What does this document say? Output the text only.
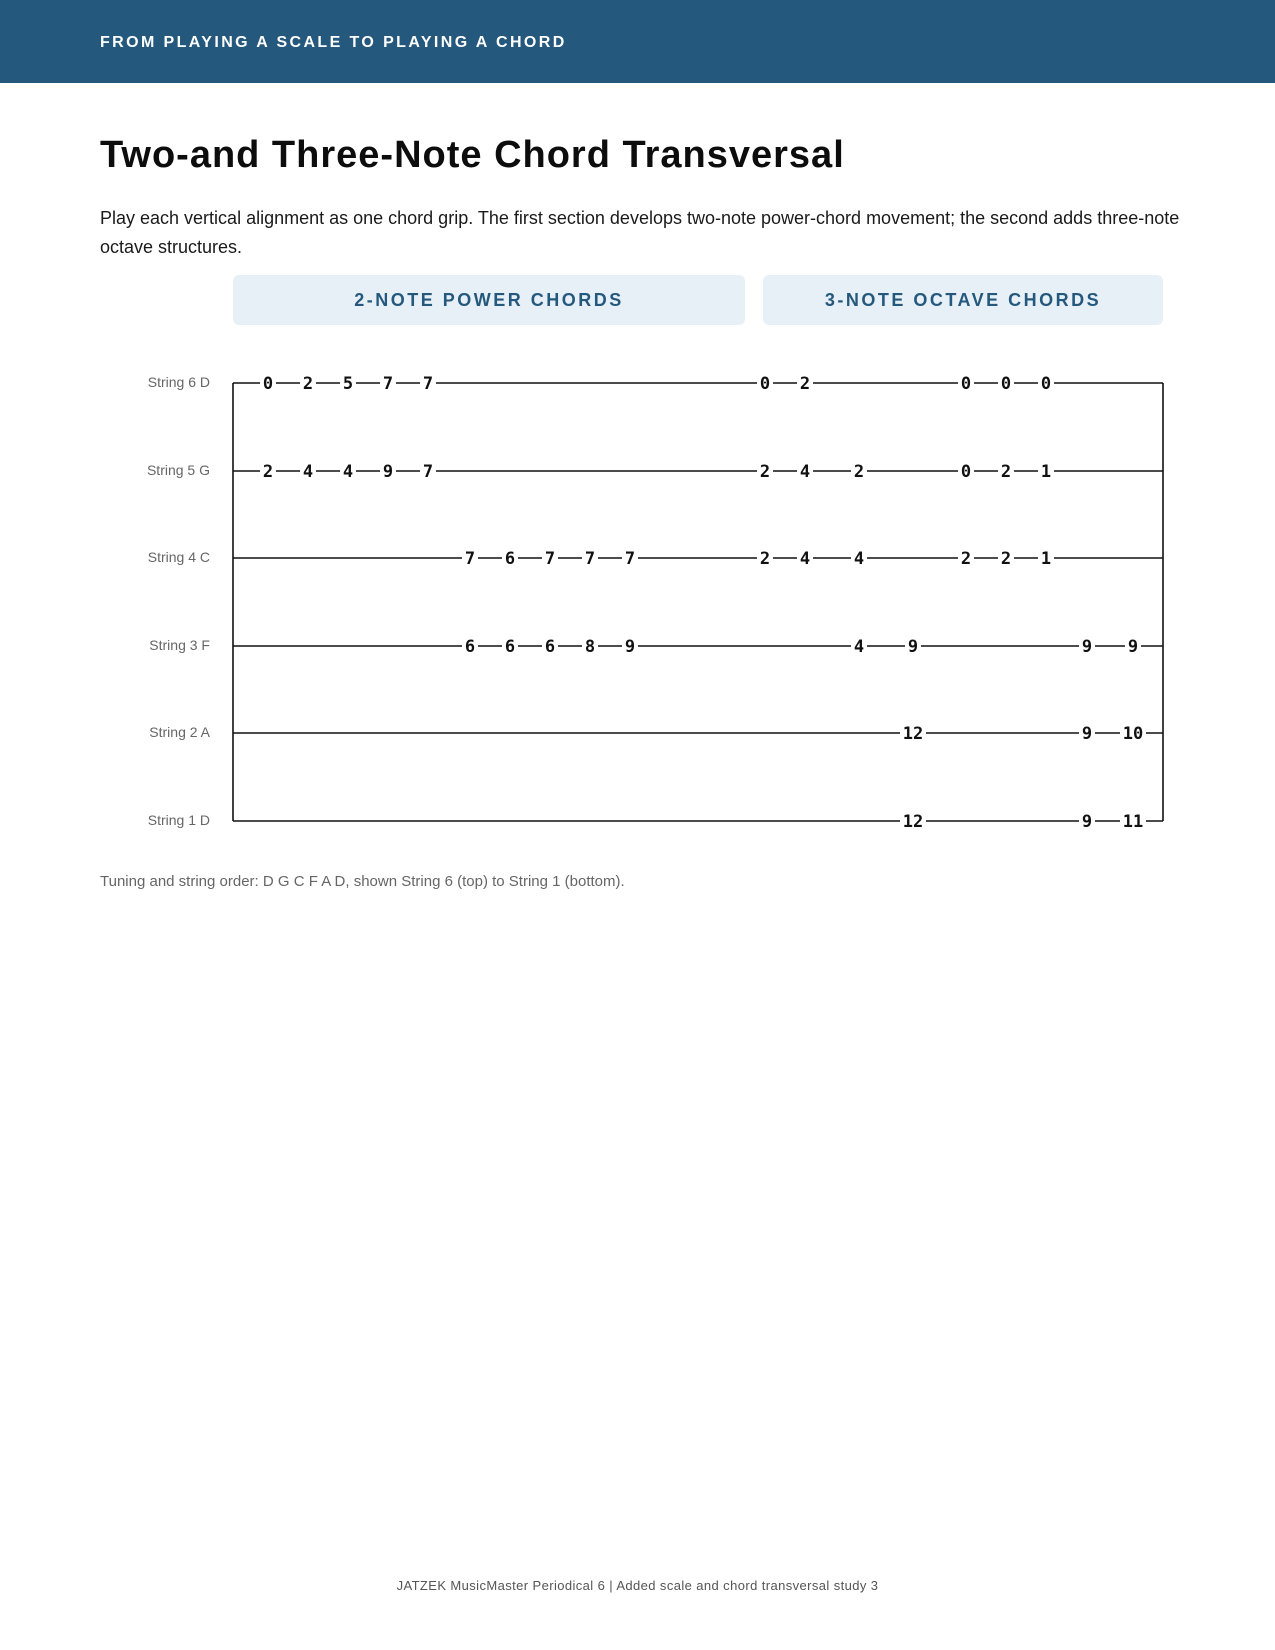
FROM PLAYING A SCALE TO PLAYING A CHORD
Two-and Three-Note Chord Transversal

Play each vertical alignment as one chord grip. The first section develops two-note power-chord movement; the second adds three-note octave structures.

2-NOTE POWER CHORDS	3-NOTE OCTAVE CHORDS
String 6 D
String 5 G
String 4 C
String 3 F
String 2 A
String 1 D
0
2
2
4
5
4
7
9
7
7
7
6
6
6
7
6
7
8
7
9
0
2
2
2
4
4
2
4
4	9
12
12
0
0
2
0
2
2
0
1
1
9
9
9
9
10
11

Tuning and string order: D G C F A D, shown String 6 (top) to String 1 (bottom).

JATZEK MusicMaster Periodical 6 | Added scale and chord transversal study 3
